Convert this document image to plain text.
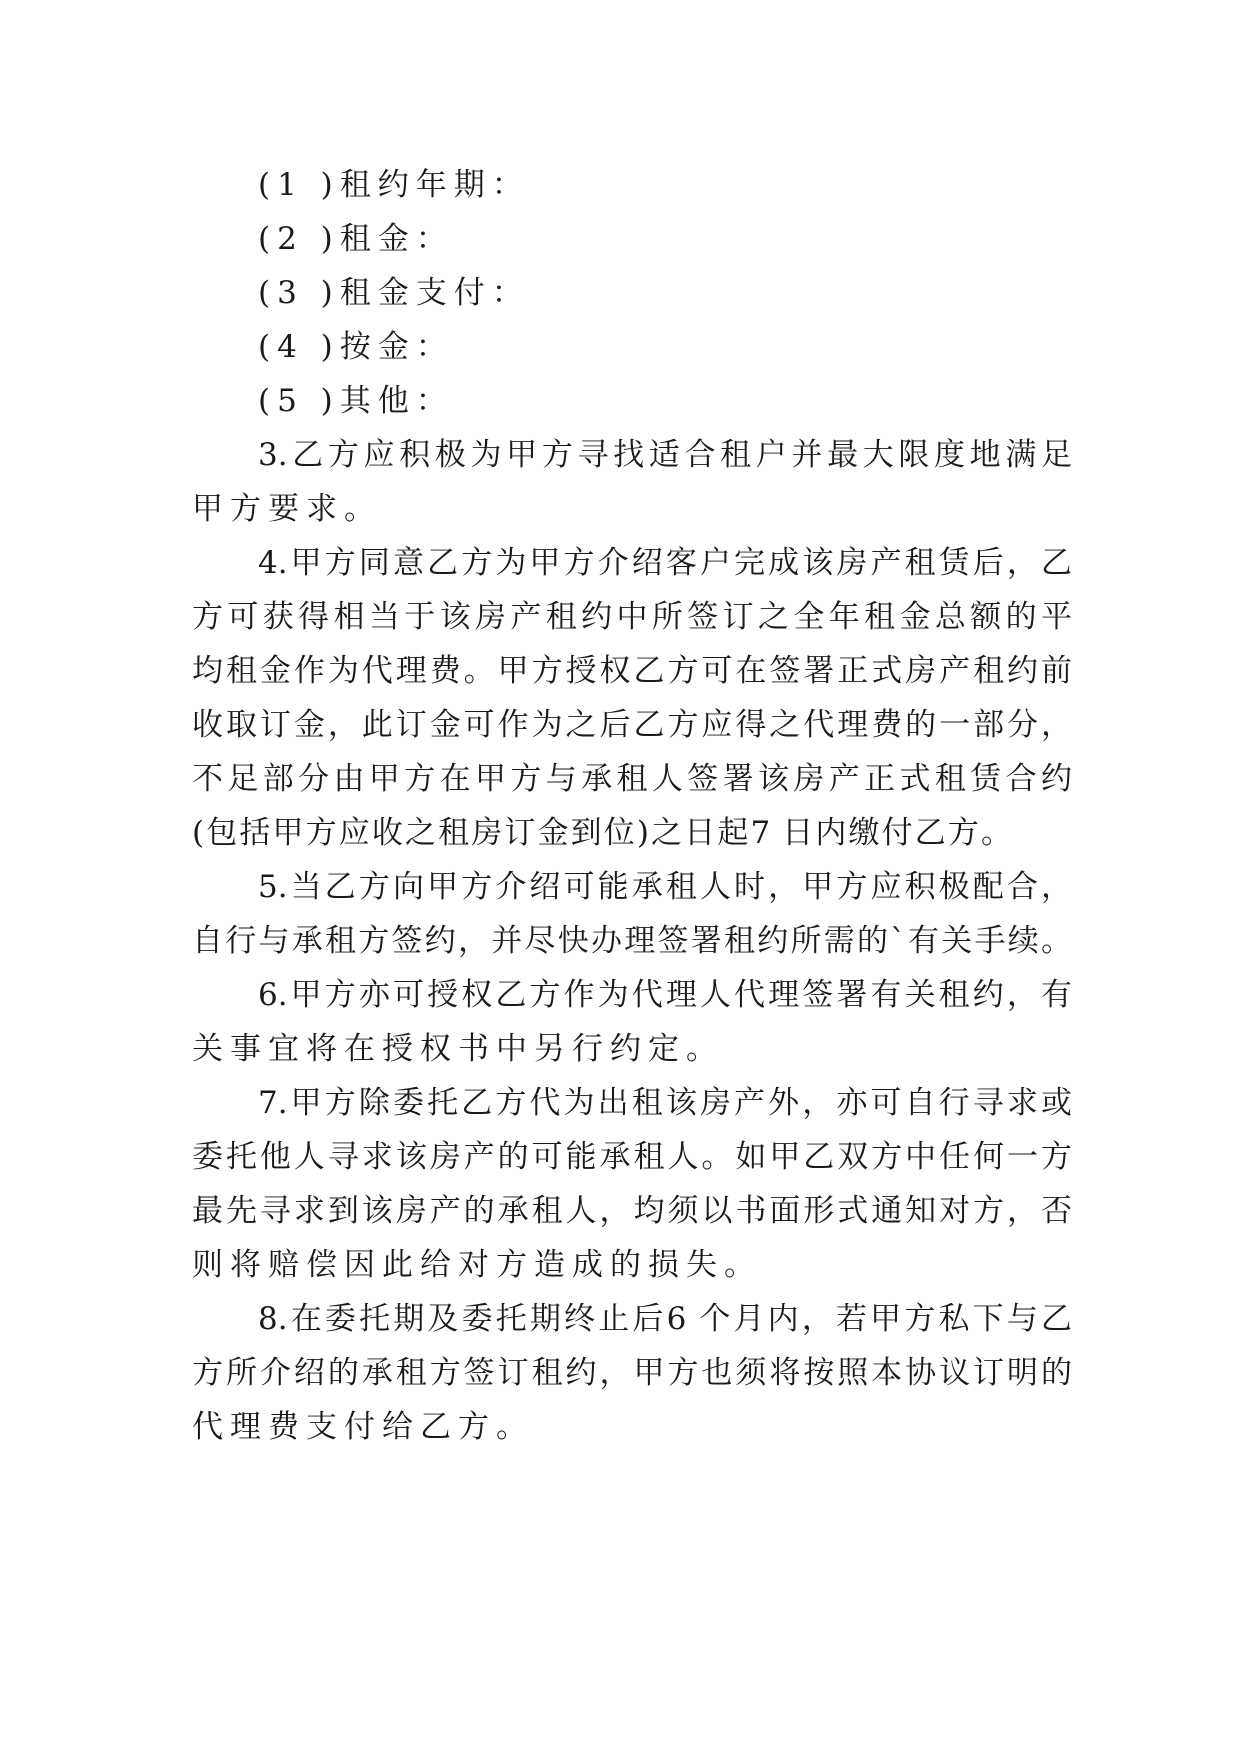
(1 )租约年期：
(2 )租金：
(3 )租金支付：
(4 )按金：
(5 )其他：
3.乙方应积极为甲方寻找适合租户并最大限度地满足
甲方要求。
4.甲方同意乙方为甲方介绍客户完成该房产租赁后，乙
方可获得相当于该房产租约中所签订之全年租金总额的平
均租金作为代理费。甲方授权乙方可在签署正式房产租约前
收取订金，此订金可作为之后乙方应得之代理费的一部分，
不足部分由甲方在甲方与承租人签署该房产正式租赁合约
(包括甲方应收之租房订金到位)之日起7 日内缴付乙方。
5.当乙方向甲方介绍可能承租人时，甲方应积极配合，
自行与承租方签约，并尽快办理签署租约所需的`有关手续。
6.甲方亦可授权乙方作为代理人代理签署有关租约，有
关事宜将在授权书中另行约定。
7.甲方除委托乙方代为出租该房产外，亦可自行寻求或
委托他人寻求该房产的可能承租人。如甲乙双方中任何一方
最先寻求到该房产的承租人，均须以书面形式通知对方，否
则将赔偿因此给对方造成的损失。
8.在委托期及委托期终止后6 个月内，若甲方私下与乙
方所介绍的承租方签订租约，甲方也须将按照本协议订明的
代理费支付给乙方。
